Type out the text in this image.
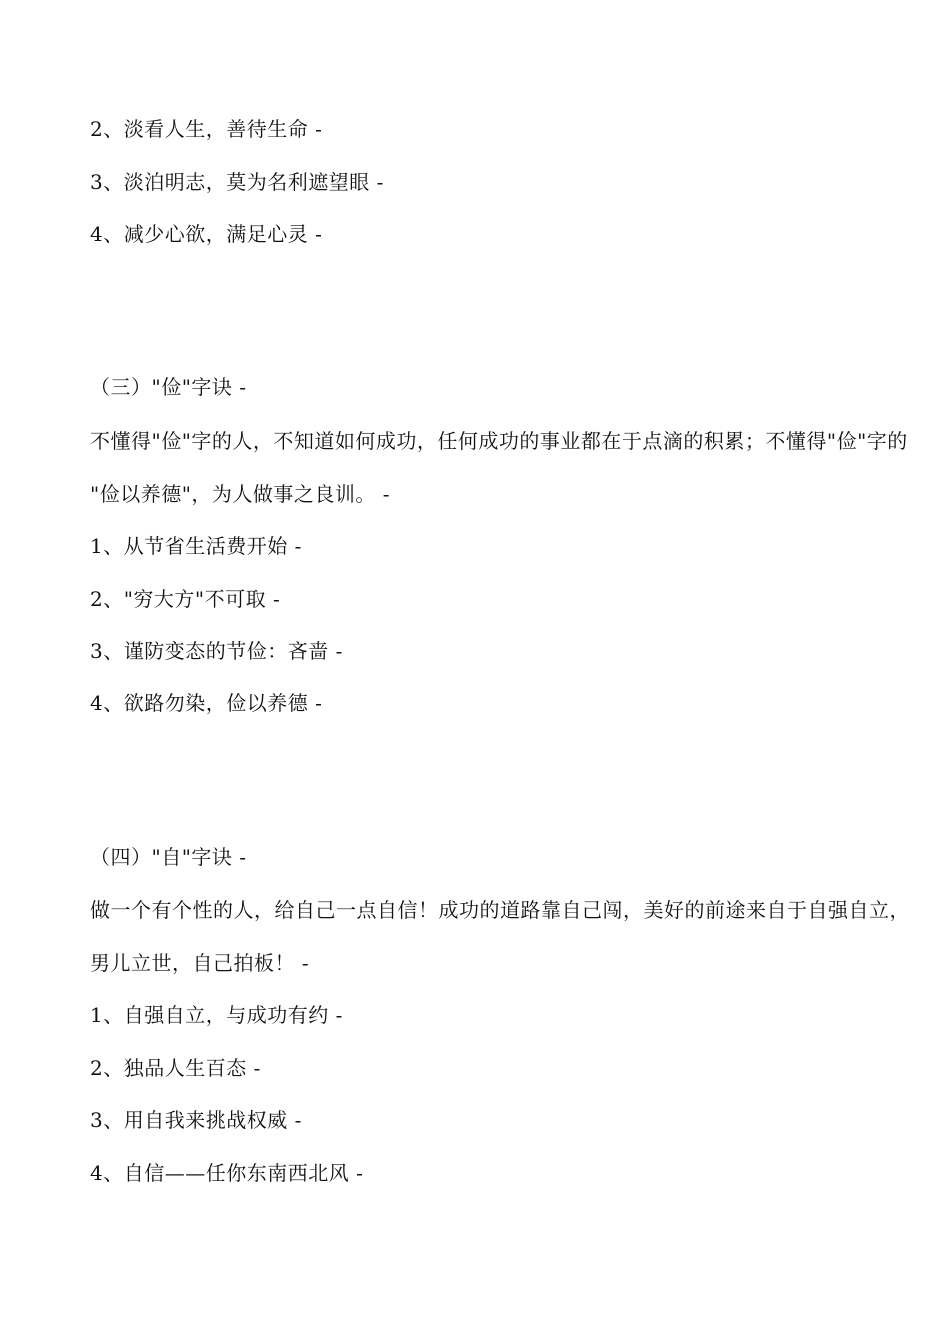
2、淡看人生，善待生命 -
3、淡泊明志，莫为名利遮望眼 -
4、减少心欲，满足心灵 -
（三）"俭"字诀 -
不懂得"俭"字的人，不知道如何成功，任何成功的事业都在于点滴的积累；不懂得"俭"字的
"俭以养德"，为人做事之良训。 -
1、从节省生活费开始 -
2、"穷大方"不可取 -
3、谨防变态的节俭：吝啬 -
4、欲路勿染，俭以养德 -
（四）"自"字诀 -
做一个有个性的人，给自己一点自信！成功的道路靠自己闯，美好的前途来自于自强自立，
男儿立世，自己拍板！ -
1、自强自立，与成功有约 -
2、独品人生百态 -
3、用自我来挑战权威 -
4、自信——任你东南西北风 -
